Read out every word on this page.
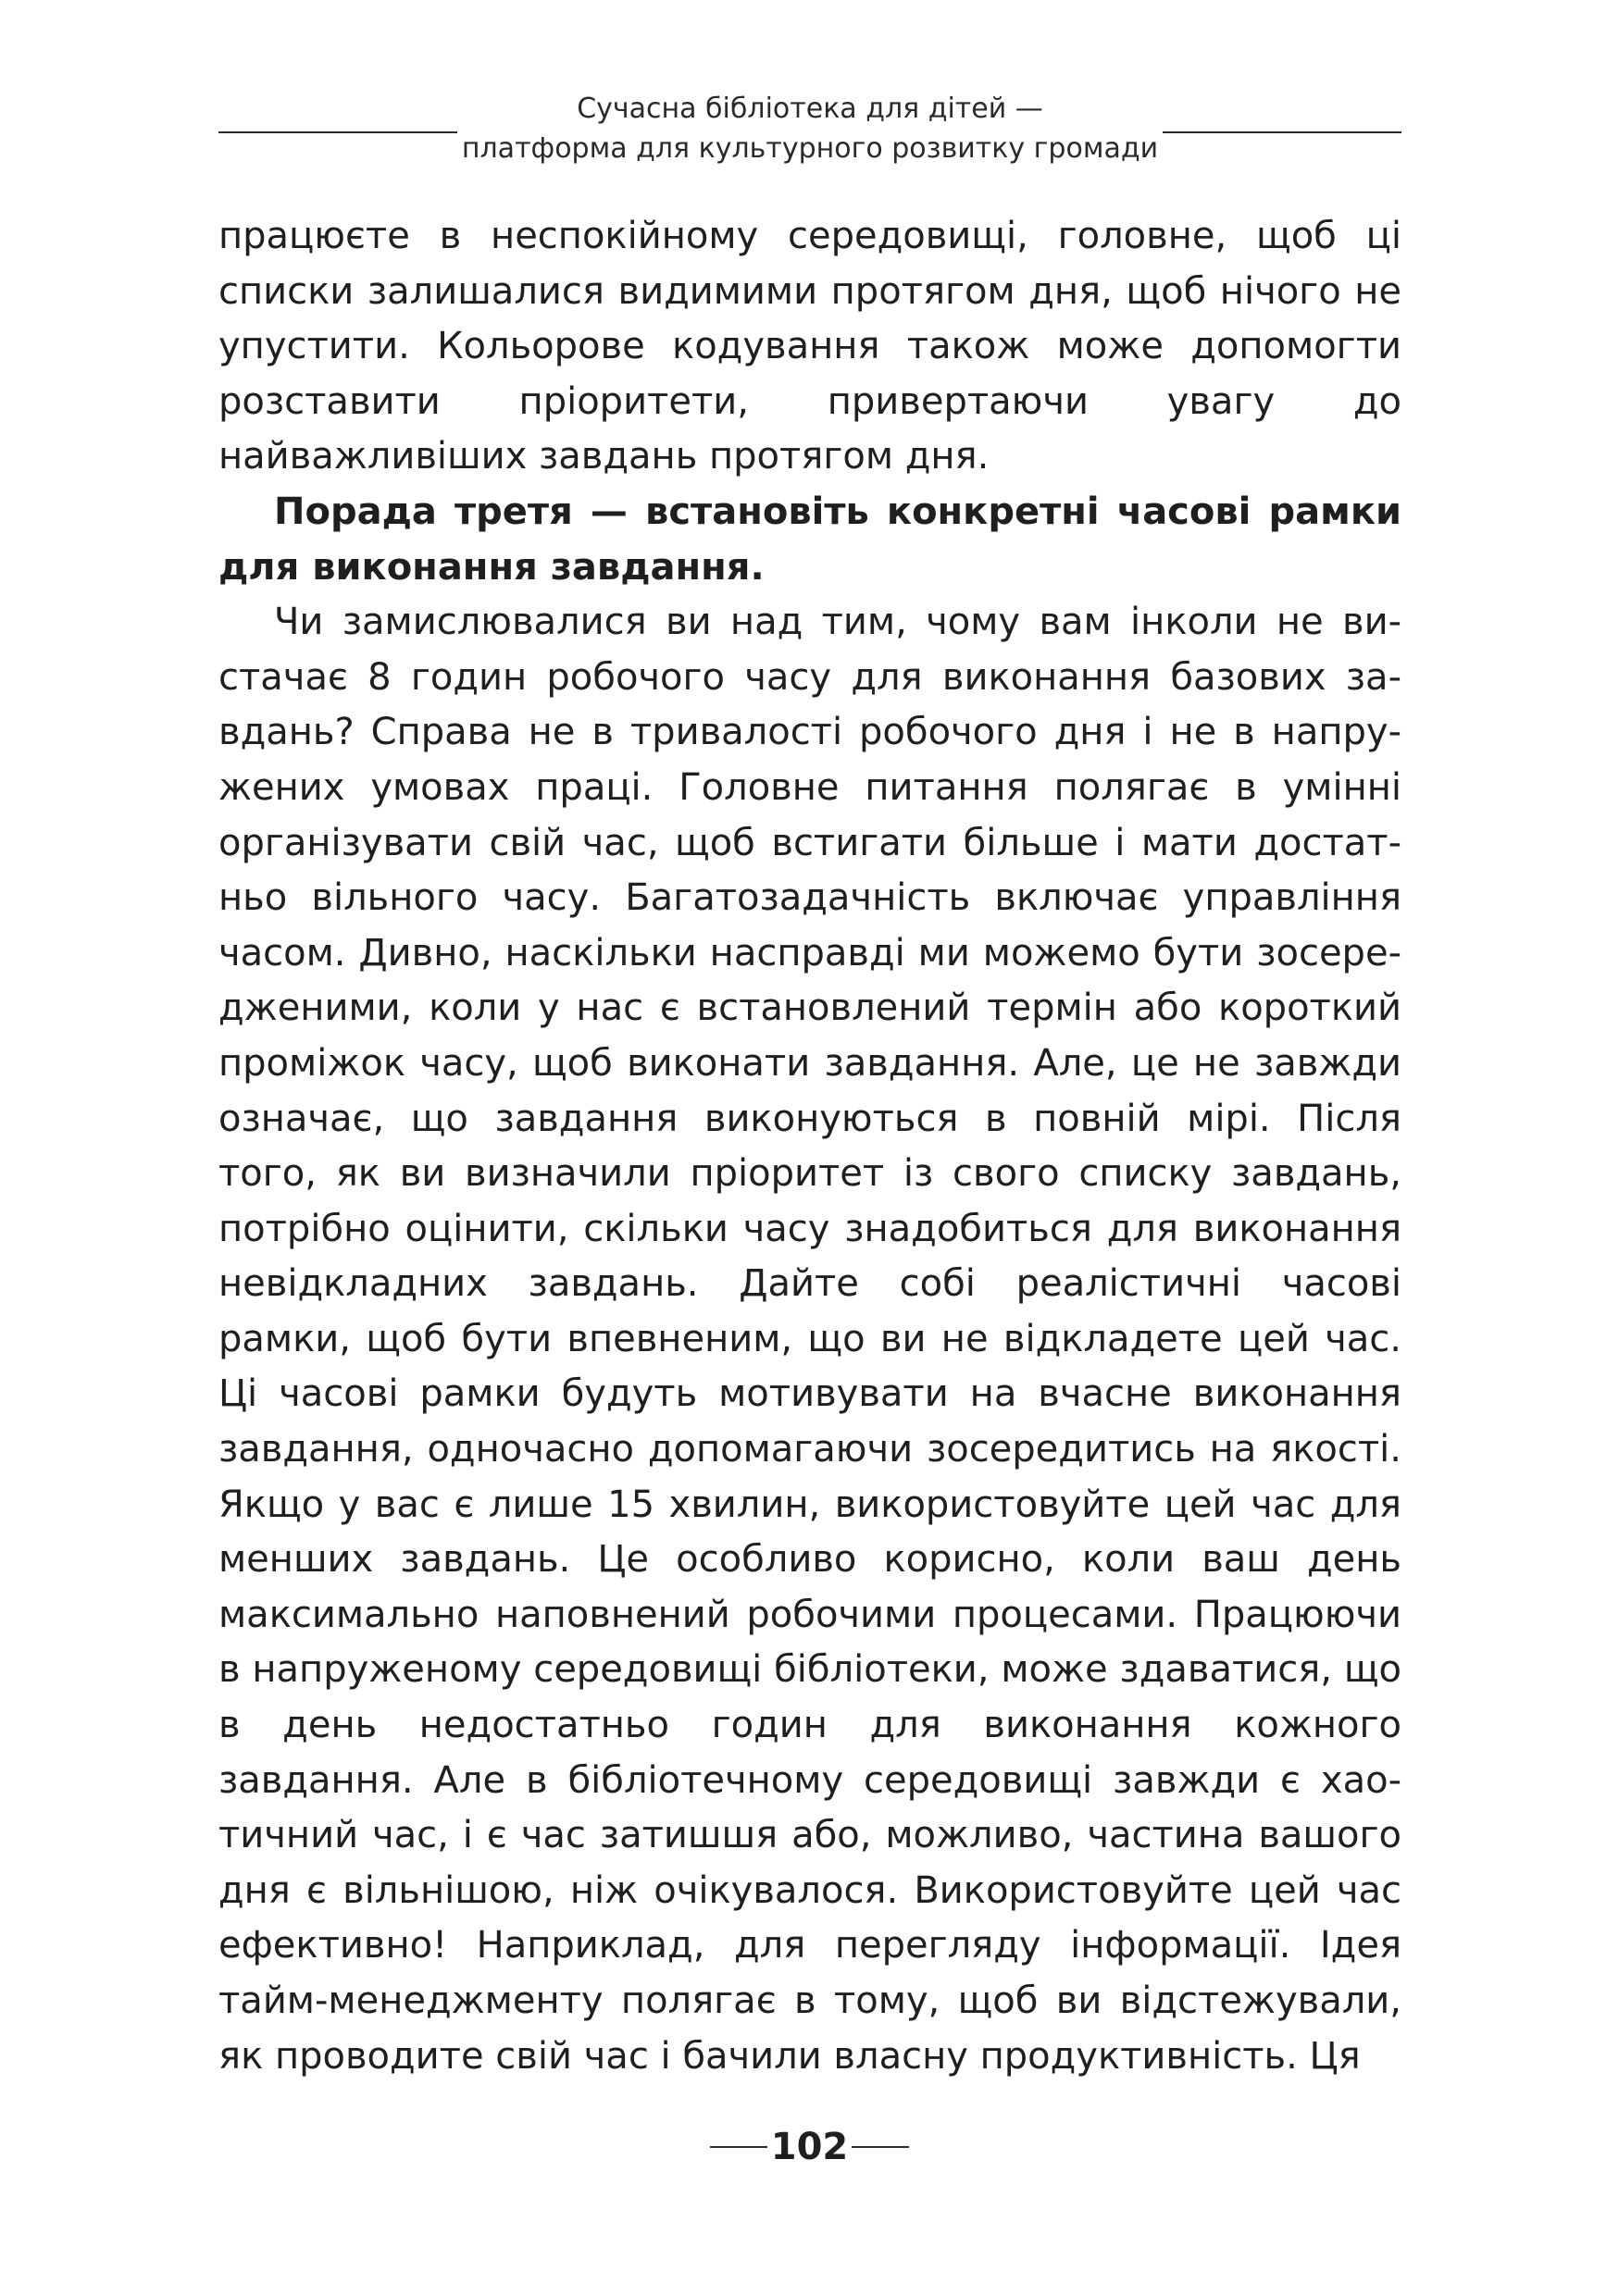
Сучасна бібліотека для дітей —
платформа для культурного розвитку громади

працюєте в неспокійному середовищі, головне, щоб ці списки залишалися видимими протягом дня, щоб нічого не упустити. Кольорове кодування також може допомогти розставити пріоритети, привертаючи увагу до найважливіших завдань протягом дня.

Порада третя — встановіть конкретні часові рамки для виконання завдання.

Чи замислювалися ви над тим, чому вам інколи не вистачає 8 годин робочого часу для виконання базових завдань? Справа не в тривалості робочого дня і не в напружених умовах праці. Головне питання полягає в умінні організувати свій час, щоб встигати більше і мати достатньо вільного часу. Багатозадачність включає управління часом. Дивно, наскільки насправді ми можемо бути зосередженими, коли у нас є встановлений термін або короткий проміжок часу, щоб виконати завдання. Але, це не завжди означає, що завдання виконуються в повній мірі. Після того, як ви визначили пріоритет із свого списку завдань, потрібно оцінити, скільки часу знадобиться для виконання невідкладних завдань. Дайте собі реалістичні часові рамки, щоб бути впевненим, що ви не відкладете цей час. Ці часові рамки будуть мотивувати на вчасне виконання завдання, одночасно допомагаючи зосередитись на якості. Якщо у вас є лише 15 хвилин, використовуйте цей час для менших завдань. Це особливо корисно, коли ваш день максимально наповнений робочими процесами. Працюючи в напруженому середовищі бібліотеки, може здаватися, що в день недостатньо годин для виконання кожного завдання. Але в бібліотечному середовищі завжди є хаотичний час, і є час затишшя або, можливо, частина вашого дня є вільнішою, ніж очікувалося. Використовуйте цей час ефективно! Наприклад, для перегляду інформації. Ідея тайм-менеджменту полягає в тому, щоб ви відстежували, як проводите свій час і бачили власну продуктивність. Ця

102
